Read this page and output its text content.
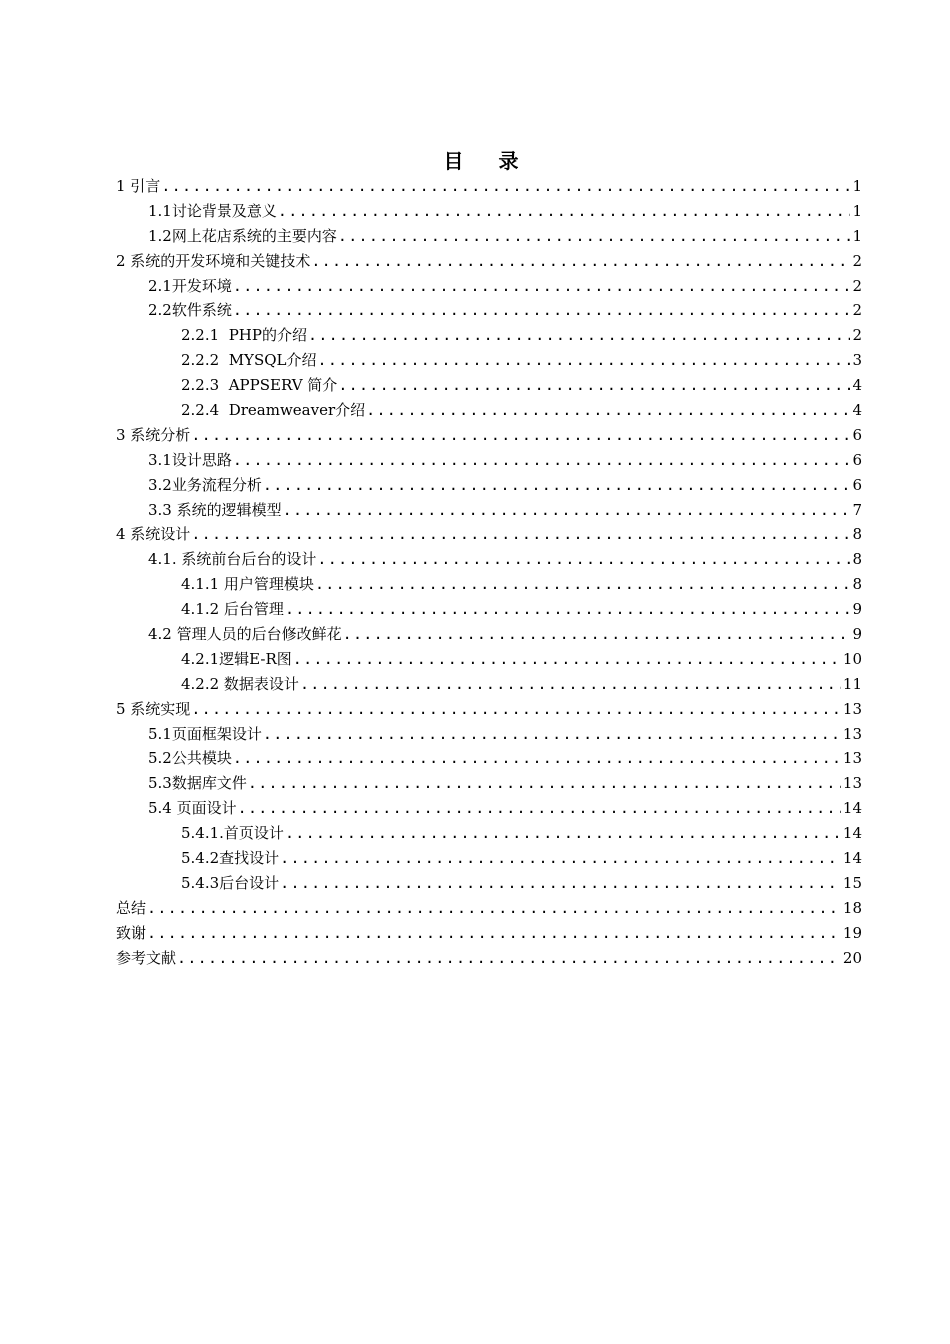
目 录
1 引言 .....	1
1.1讨论背景及意义 .....	1
1.2网上花店系统的主要内容 .....	1
2 系统的开发环境和关键技术 .....	2
2.1开发环境 .....	2
2.2软件系统 .....	2
2.2.1  PHP的介绍 .....	2
2.2.2  MYSQL介绍 .....	3
2.2.3  APPSERV 简介 .....	4
2.2.4  Dreamweaver介绍 .....	4
3 系统分析 .....	6
3.1设计思路 .....	6
3.2业务流程分析 .....	6
3.3 系统的逻辑模型 .....	7
4 系统设计 .....	8
4.1. 系统前台后台的设计 .....	8
4.1.1 用户管理模块 .....	8
4.1.2 后台管理 .....	9
4.2 管理人员的后台修改鲜花 .....	9
4.2.1逻辑E-R图 .....	10
4.2.2 数据表设计 .....	11
5 系统实现 .....	13
5.1页面框架设计 .....	13
5.2公共模块 .....	13
5.3数据库文件 .....	13
5.4 页面设计 .....	14
5.4.1.首页设计 .....	14
5.4.2查找设计 .....	14
5.4.3后台设计 .....	15
总结 .....	18
致谢 .....	19
参考文献 .....	20
